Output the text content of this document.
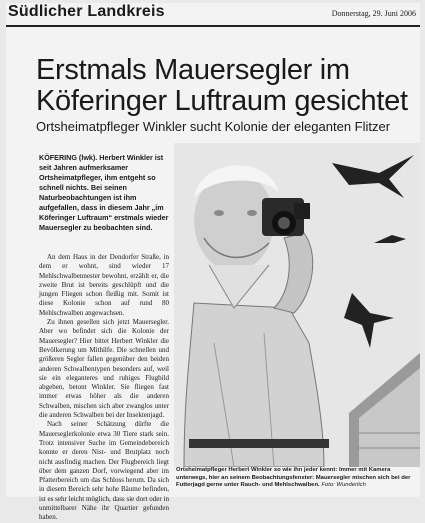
Südlicher Landkreis	Donnerstag, 29. Juni 2006
Erstmals Mauersegler im
Köferinger Luftraum gesichtet
Ortsheimatpfleger Winkler sucht Kolonie der eleganten Flitzer
KÖFERING (lwk). Herbert Winkler ist seit Jahren aufmerksamer Ortsheimatpfleger, ihm entgeht so schnell nichts. Bei seinen Naturbeobachtungen ist ihm aufgefallen, dass in diesem Jahr „im Köferinger Luftraum“ erstmals wieder Mauersegler zu beobachten sind.

An dem Haus in der Dendorfer Straße, in dem er wohnt, sind wieder 17 Mehlschwalbennester bewohnt, erzählt er, die zweite Brut ist bereits geschlüpft und die jungen Fliegen schon fleißig mit. Somit ist diese Kolonie schon auf rund 80 Mehlschwalben angewachsen.

Zu ihnen gesellen sich jetzt Mauersegler. Aber wo befindet sich die Kolonie der Mauersegler? Hier bittet Herbert Winkler die Bevölkerung um Mithilfe. Die schnellen und größeren Segler fallen gegenüber den beiden anderen Schwalbentypen besonders auf, weil sie ein eleganteres und ruhiges Flugbild abgeben, betont Winkler. Sie fliegen fast immer etwas höher als die anderen Schwalben, mischen sich aber zwanglos unter die anderen Schwalben bei der Insektenjagd.

Nach seiner Schätzung dürfte die Mauerseglerkolonie etwa 30 Tiere stark sein. Trotz intensiver Suche im Gemeindebereich konnte er deren Nist- und Brutplatz noch nicht ausfindig machen. Der Flugbereich liegt über dem ganzen Dorf, vorwiegend aber im Pfatterbereich um das Schloss herum. Da sich in diesem Bereich sehr hohe Bäume befinden, ist es sehr leicht möglich, dass sie dort oder in unmittelbarer Nähe ihr Quartier gefunden haben.

Ortsheimatpfleger Herbert Winkler so wie ihn jeder kennt: Immer mit Kamera unterwegs, hier an seinem Beobachtungsfenster: Mauersegler mischen sich bei der Futterjagd gerne unter Rauch- und Mehlschwalben. Foto: Wunderlich
